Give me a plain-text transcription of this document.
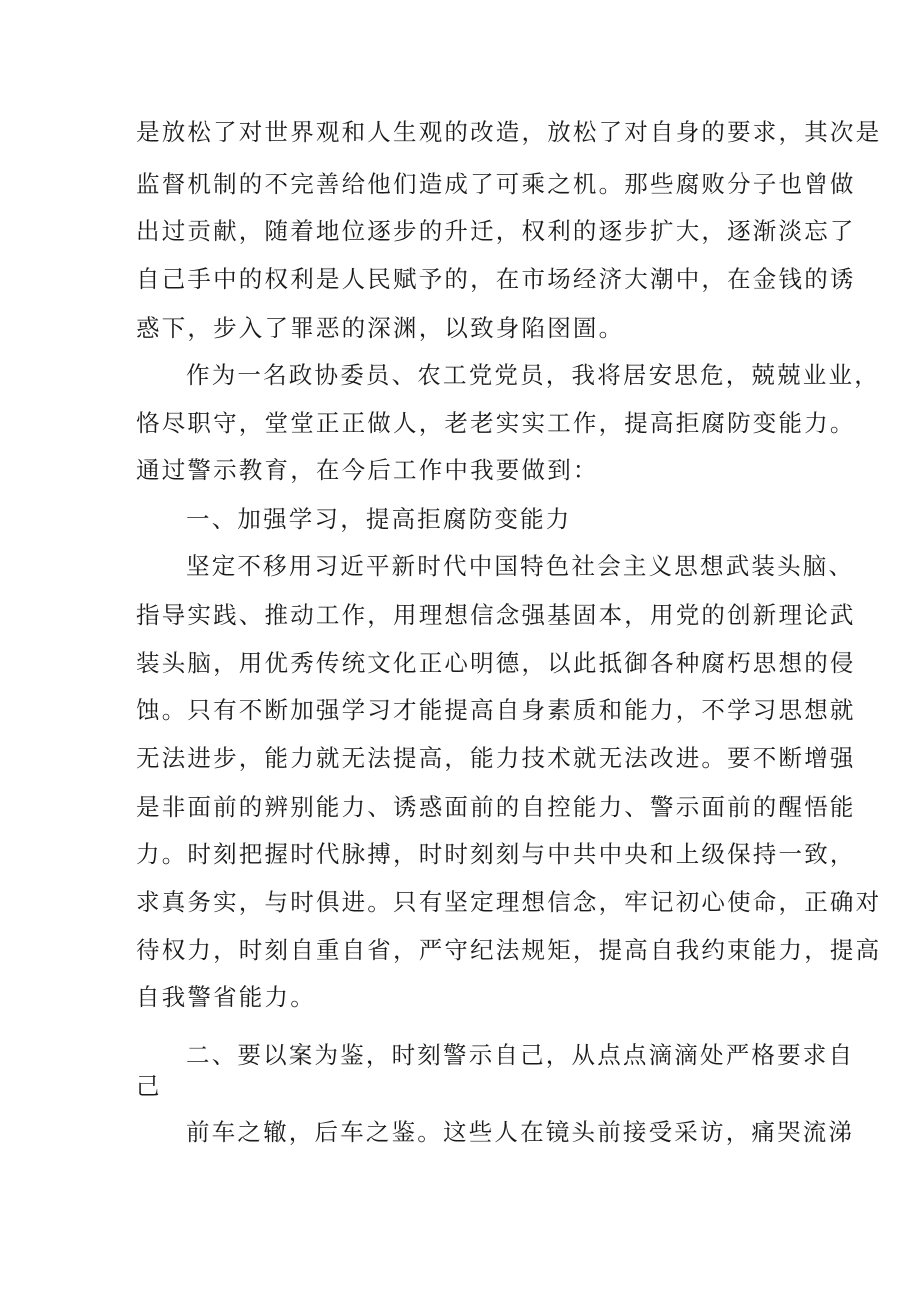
是放松了对世界观和人生观的改造，放松了对自身的要求，其次是
监督机制的不完善给他们造成了可乘之机。那些腐败分子也曾做
出过贡献，随着地位逐步的升迁，权利的逐步扩大，逐渐淡忘了
自己手中的权利是人民赋予的，在市场经济大潮中，在金钱的诱
惑下，步入了罪恶的深渊，以致身陷囹圄。
作为一名政协委员、农工党党员，我将居安思危，兢兢业业，
恪尽职守，堂堂正正做人，老老实实工作，提高拒腐防变能力。
通过警示教育，在今后工作中我要做到：
一、加强学习，提高拒腐防变能力
坚定不移用习近平新时代中国特色社会主义思想武装头脑、
指导实践、推动工作，用理想信念强基固本，用党的创新理论武
装头脑，用优秀传统文化正心明德，以此抵御各种腐朽思想的侵
蚀。只有不断加强学习才能提高自身素质和能力，不学习思想就
无法进步，能力就无法提高，能力技术就无法改进。要不断增强
是非面前的辨别能力、诱惑面前的自控能力、警示面前的醒悟能
力。时刻把握时代脉搏，时时刻刻与中共中央和上级保持一致，
求真务实，与时俱进。只有坚定理想信念，牢记初心使命，正确对
待权力，时刻自重自省，严守纪法规矩，提高自我约束能力，提高
自我警省能力。
二、要以案为鉴，时刻警示自己，从点点滴滴处严格要求自
己
前车之辙，后车之鉴。这些人在镜头前接受采访，痛哭流涕
